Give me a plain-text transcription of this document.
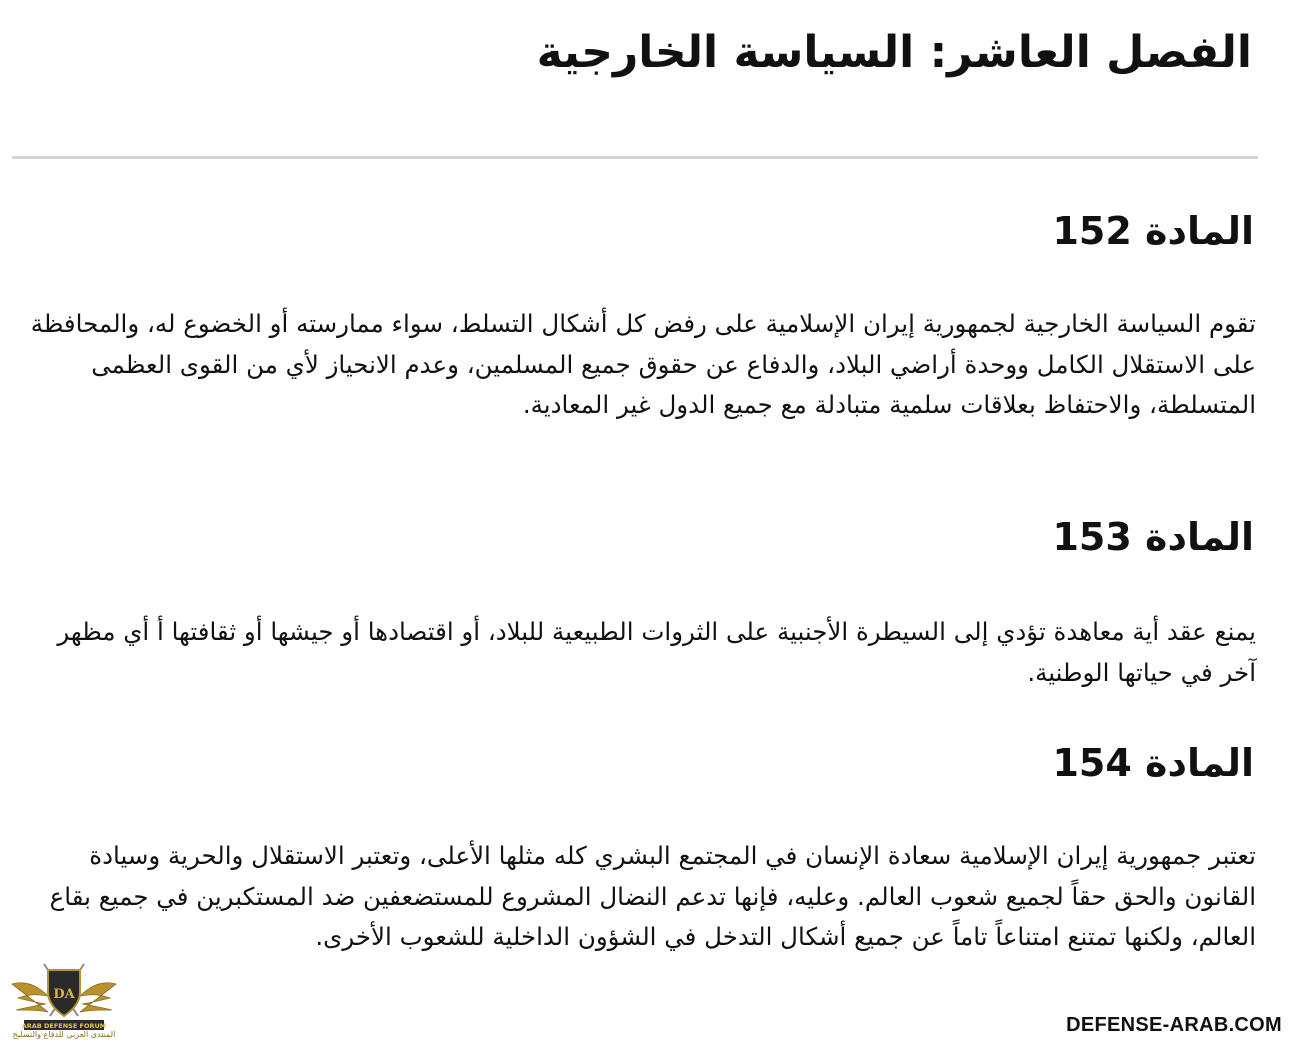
الفصل العاشر: السياسة الخارجية
المادة 152

تقوم السياسة الخارجية لجمهورية إيران الإسلامية على رفض كل أشكال التسلط، سواء ممارسته أو الخضوع له، والمحافظة على الاستقلال الكامل ووحدة أراضي البلاد، والدفاع عن حقوق جميع المسلمين، وعدم الانحياز لأي من القوى العظمى المتسلطة، والاحتفاظ بعلاقات سلمية متبادلة مع جميع الدول غير المعادية.

المادة 153

يمنع عقد أية معاهدة تؤدي إلى السيطرة الأجنبية على الثروات الطبيعية للبلاد، أو اقتصادها أو جيشها أو ثقافتها أ أي مظهر آخر في حياتها الوطنية.

المادة 154

تعتبر جمهورية إيران الإسلامية سعادة الإنسان في المجتمع البشري كله مثلها الأعلى، وتعتبر الاستقلال والحرية وسيادة القانون والحق حقاً لجميع شعوب العالم. وعليه، فإنها تدعم النضال المشروع للمستضعفين ضد المستكبرين في جميع بقاع العالم، ولكنها تمتنع امتناعاً تاماً عن جميع أشكال التدخل في الشؤون الداخلية للشعوب الأخرى.

DA
ARAB DEFENSE FORUM
المنتدى العربي للدفاع والتسليح	DEFENSE-ARAB.COM
